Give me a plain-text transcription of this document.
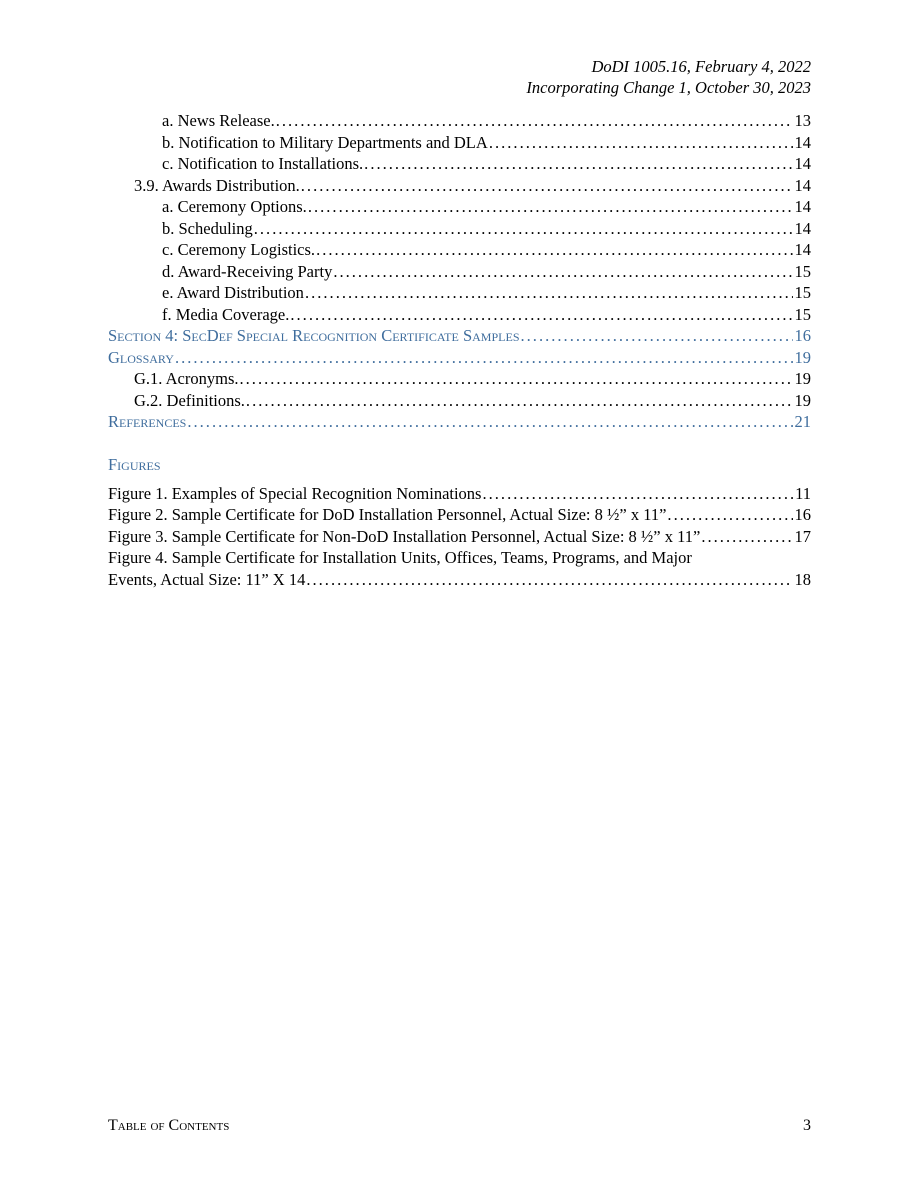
DoDI 1005.16, February 4, 2022
Incorporating Change 1, October 30, 2023
a. News Release. . . .	13
b. Notification to Military Departments and DLA . . .	14
c. Notification to Installations. . . .	14
3.9. Awards Distribution. . . .	14
a. Ceremony Options. . . .	14
b. Scheduling . . .	14
c. Ceremony Logistics. . . .	14
d. Award-Receiving Party . . .	15
e. Award Distribution . . .	15
f. Media Coverage. . . .	15
Section 4: SecDef Special Recognition Certificate Samples . . .	16
Glossary . . .	19
G.1. Acronyms. . . .	19
G.2. Definitions. . . .	19
References . . .	21
Figures
Figure 1. Examples of Special Recognition Nominations . . .	11
Figure 2. Sample Certificate for DoD Installation Personnel, Actual Size: 8 ½” x 11” . . .	16
Figure 3. Sample Certificate for Non-DoD Installation Personnel, Actual Size: 8 ½” x 11” . . .	17
Figure 4. Sample Certificate for Installation Units, Offices, Teams, Programs, and Major
Events, Actual Size: 11” X 14 . . .	18
Table of Contents	3
